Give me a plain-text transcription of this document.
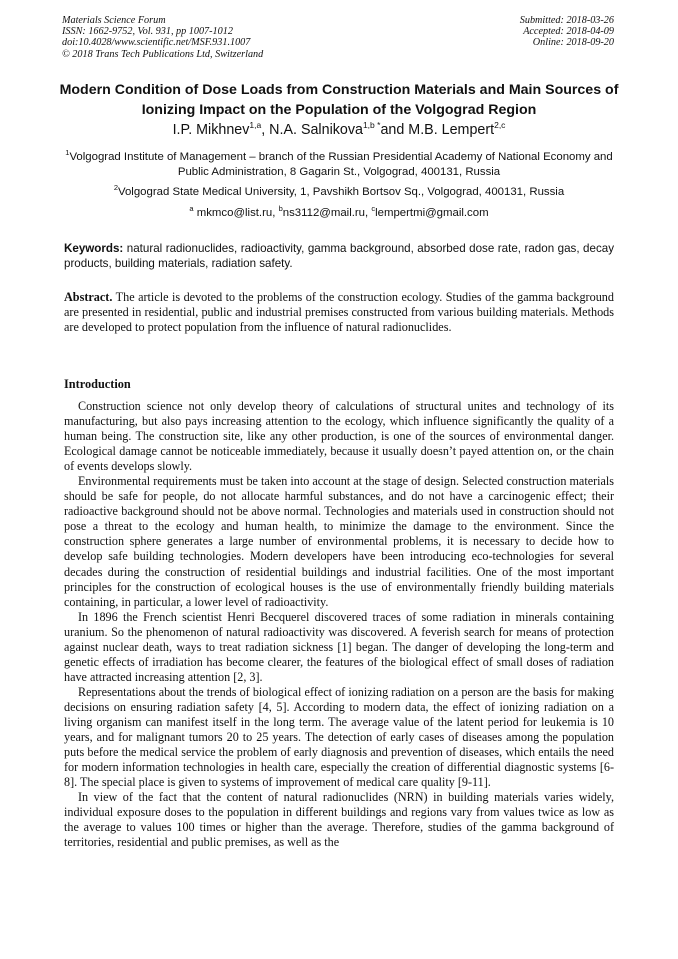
Materials Science Forum
ISSN: 1662-9752, Vol. 931, pp 1007-1012
doi:10.4028/www.scientific.net/MSF.931.1007
© 2018 Trans Tech Publications Ltd, Switzerland
Submitted: 2018-03-26
Accepted: 2018-04-09
Online: 2018-09-20
Modern Condition of Dose Loads from Construction Materials and Main Sources of Ionizing Impact on the Population of the Volgograd Region
I.P. Mikhnev$^{1,a}$, N.A. Salnikova$^{1,b *}$and M.B. Lempert$^{2,c}$
$^1$Volgograd Institute of Management – branch of the Russian Presidential Academy of National Economy and Public Administration, 8 Gagarin St., Volgograd, 400131, Russia
$^2$Volgograd State Medical University, 1, Pavshikh Bortsov Sq., Volgograd, 400131, Russia
$^a$ mkmco@list.ru, $^b$ns3112@mail.ru, $^c$lempertmi@gmail.com
Keywords: natural radionuclides, radioactivity, gamma background, absorbed dose rate, radon gas, decay products, building materials, radiation safety.
Abstract. The article is devoted to the problems of the construction ecology. Studies of the gamma background are presented in residential, public and industrial premises constructed from various building materials. Methods are developed to protect population from the influence of natural radionuclides.
Introduction

Construction science not only develop theory of calculations of structural unites and technology of its manufacturing, but also pays increasing attention to the ecology, which influence significantly the quality of a human being. The construction site, like any other production, is one of the sources of environmental danger. Ecological damage cannot be noticeable immediately, because it usually doesn’t payed attention on, or the chain of events develops slowly.

Environmental requirements must be taken into account at the stage of design. Selected construction materials should be safe for people, do not allocate harmful substances, and do not have a carcinogenic effect; their radioactive background should not be above normal. Technologies and materials used in construction should not pose a threat to the ecology and human health, to minimize the damage to the environment. Since the construction sphere generates a large number of environmental problems, it is necessary to decide how to develop safe building technologies. Modern developers have been introducing eco-technologies for several decades during the construction of residential buildings and industrial facilities. One of the most important principles for the construction of ecological houses is the use of environmentally friendly building materials containing, in particular, a lower level of radioactivity.

In 1896 the French scientist Henri Becquerel discovered traces of some radiation in minerals containing uranium. So the phenomenon of natural radioactivity was discovered. A feverish search for means of protection against nuclear death, ways to treat radiation sickness [1] began. The danger of developing the long-term and genetic effects of irradiation has become clearer, the features of the biological effect of small doses of radiation have attracted increasing attention [2, 3].

Representations about the trends of biological effect of ionizing radiation on a person are the basis for making decisions on ensuring radiation safety [4, 5]. According to modern data, the effect of ionizing radiation on a living organism can manifest itself in the long term. The average value of the latent period for leukemia is 10 years, and for malignant tumors 20 to 25 years. The detection of early cases of diseases among the population puts before the medical service the problem of early diagnosis and prevention of diseases, which entails the need for modern information technologies in health care, especially the creation of differential diagnostic systems [6-8]. The special place is given to systems of improvement of medical care quality [9-11].

In view of the fact that the content of natural radionuclides (NRN) in building materials varies widely, individual exposure doses to the population in different buildings and regions vary from values twice as low as the average to values 100 times or higher than the average. Therefore, studies of the gamma background of territories, residential and public premises, as well as the
